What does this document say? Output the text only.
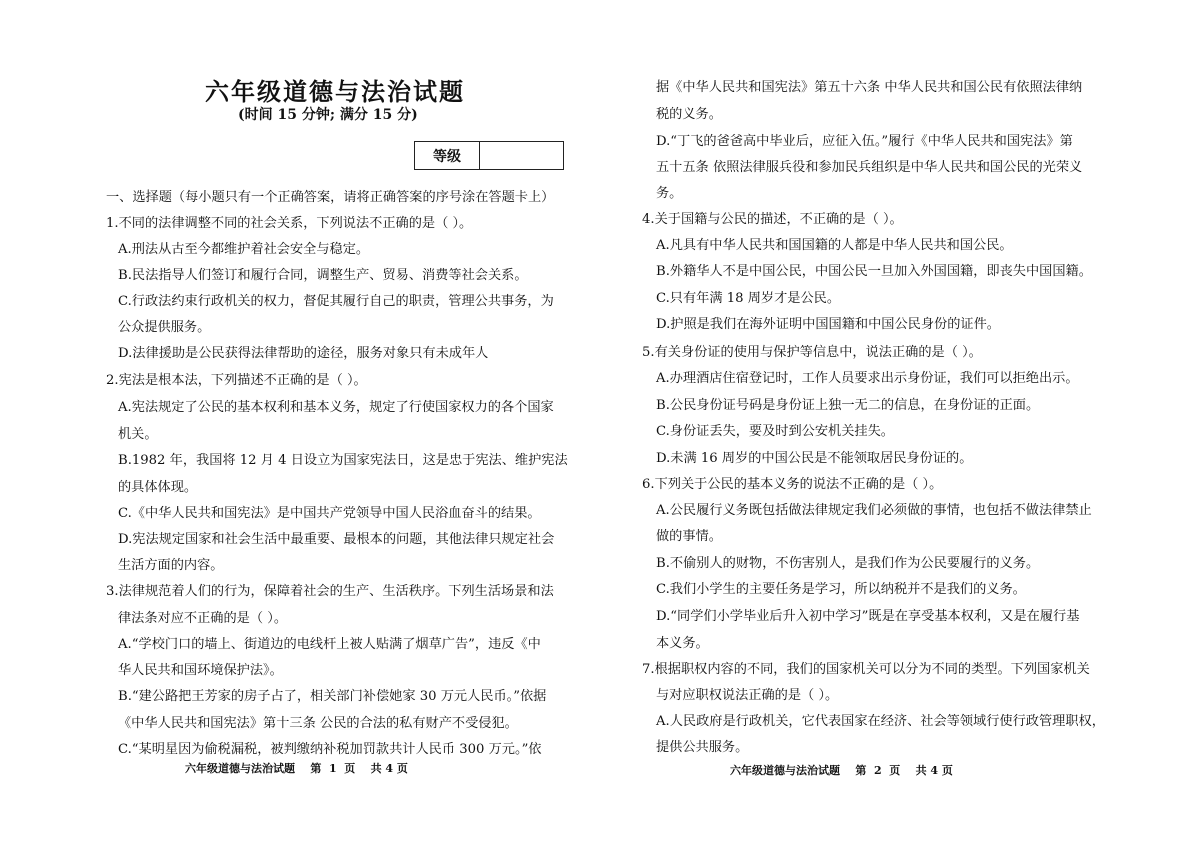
六年级道德与法治试题
(时间 15 分钟; 满分 15 分)
等级
一、选择题（每小题只有一个正确答案，请将正确答案的序号涂在答题卡上）
1.不同的法律调整不同的社会关系，下列说法不正确的是（ ）。
A.刑法从古至今都维护着社会安全与稳定。
B.民法指导人们签订和履行合同，调整生产、贸易、消费等社会关系。
C.行政法约束行政机关的权力，督促其履行自己的职责，管理公共事务，为
公众提供服务。
D.法律援助是公民获得法律帮助的途径，服务对象只有未成年人
2.宪法是根本法，下列描述不正确的是（ ）。
A.宪法规定了公民的基本权利和基本义务，规定了行使国家权力的各个国家
机关。
B.1982 年，我国将 12 月 4 日设立为国家宪法日，这是忠于宪法、维护宪法
的具体体现。
C.《中华人民共和国宪法》是中国共产党领导中国人民浴血奋斗的结果。
D.宪法规定国家和社会生活中最重要、最根本的问题，其他法律只规定社会
生活方面的内容。
3.法律规范着人们的行为，保障着社会的生产、生活秩序。下列生活场景和法
律法条对应不正确的是（ ）。
A.“学校门口的墙上、街道边的电线杆上被人贴满了烟草广告”，违反《中
华人民共和国环境保护法》。
B.“建公路把王芳家的房子占了，相关部门补偿她家 30 万元人民币。”依据
《中华人民共和国宪法》第十三条 公民的合法的私有财产不受侵犯。
C.“某明星因为偷税漏税，被判缴纳补税加罚款共计人民币 300 万元。”依
六年级道德与法治试题    第  1  页    共 4 页
据《中华人民共和国宪法》第五十六条 中华人民共和国公民有依照法律纳
税的义务。
D.“丁飞的爸爸高中毕业后，应征入伍。”履行《中华人民共和国宪法》第
五十五条 依照法律服兵役和参加民兵组织是中华人民共和国公民的光荣义
务。
4.关于国籍与公民的描述，不正确的是（ ）。
A.凡具有中华人民共和国国籍的人都是中华人民共和国公民。
B.外籍华人不是中国公民，中国公民一旦加入外国国籍，即丧失中国国籍。
C.只有年满 18 周岁才是公民。
D.护照是我们在海外证明中国国籍和中国公民身份的证件。
5.有关身份证的使用与保护等信息中，说法正确的是（ ）。
A.办理酒店住宿登记时，工作人员要求出示身份证，我们可以拒绝出示。
B.公民身份证号码是身份证上独一无二的信息，在身份证的正面。
C.身份证丢失，要及时到公安机关挂失。
D.未满 16 周岁的中国公民是不能领取居民身份证的。
6.下列关于公民的基本义务的说法不正确的是（ ）。
A.公民履行义务既包括做法律规定我们必须做的事情，也包括不做法律禁止
做的事情。
B.不偷别人的财物，不伤害别人，是我们作为公民要履行的义务。
C.我们小学生的主要任务是学习，所以纳税并不是我们的义务。
D.“同学们小学毕业后升入初中学习”既是在享受基本权利，又是在履行基
本义务。
7.根据职权内容的不同，我们的国家机关可以分为不同的类型。下列国家机关
与对应职权说法正确的是（ ）。
A.人民政府是行政机关，它代表国家在经济、社会等领域行使行政管理职权，
提供公共服务。
六年级道德与法治试题    第  2  页    共 4 页
